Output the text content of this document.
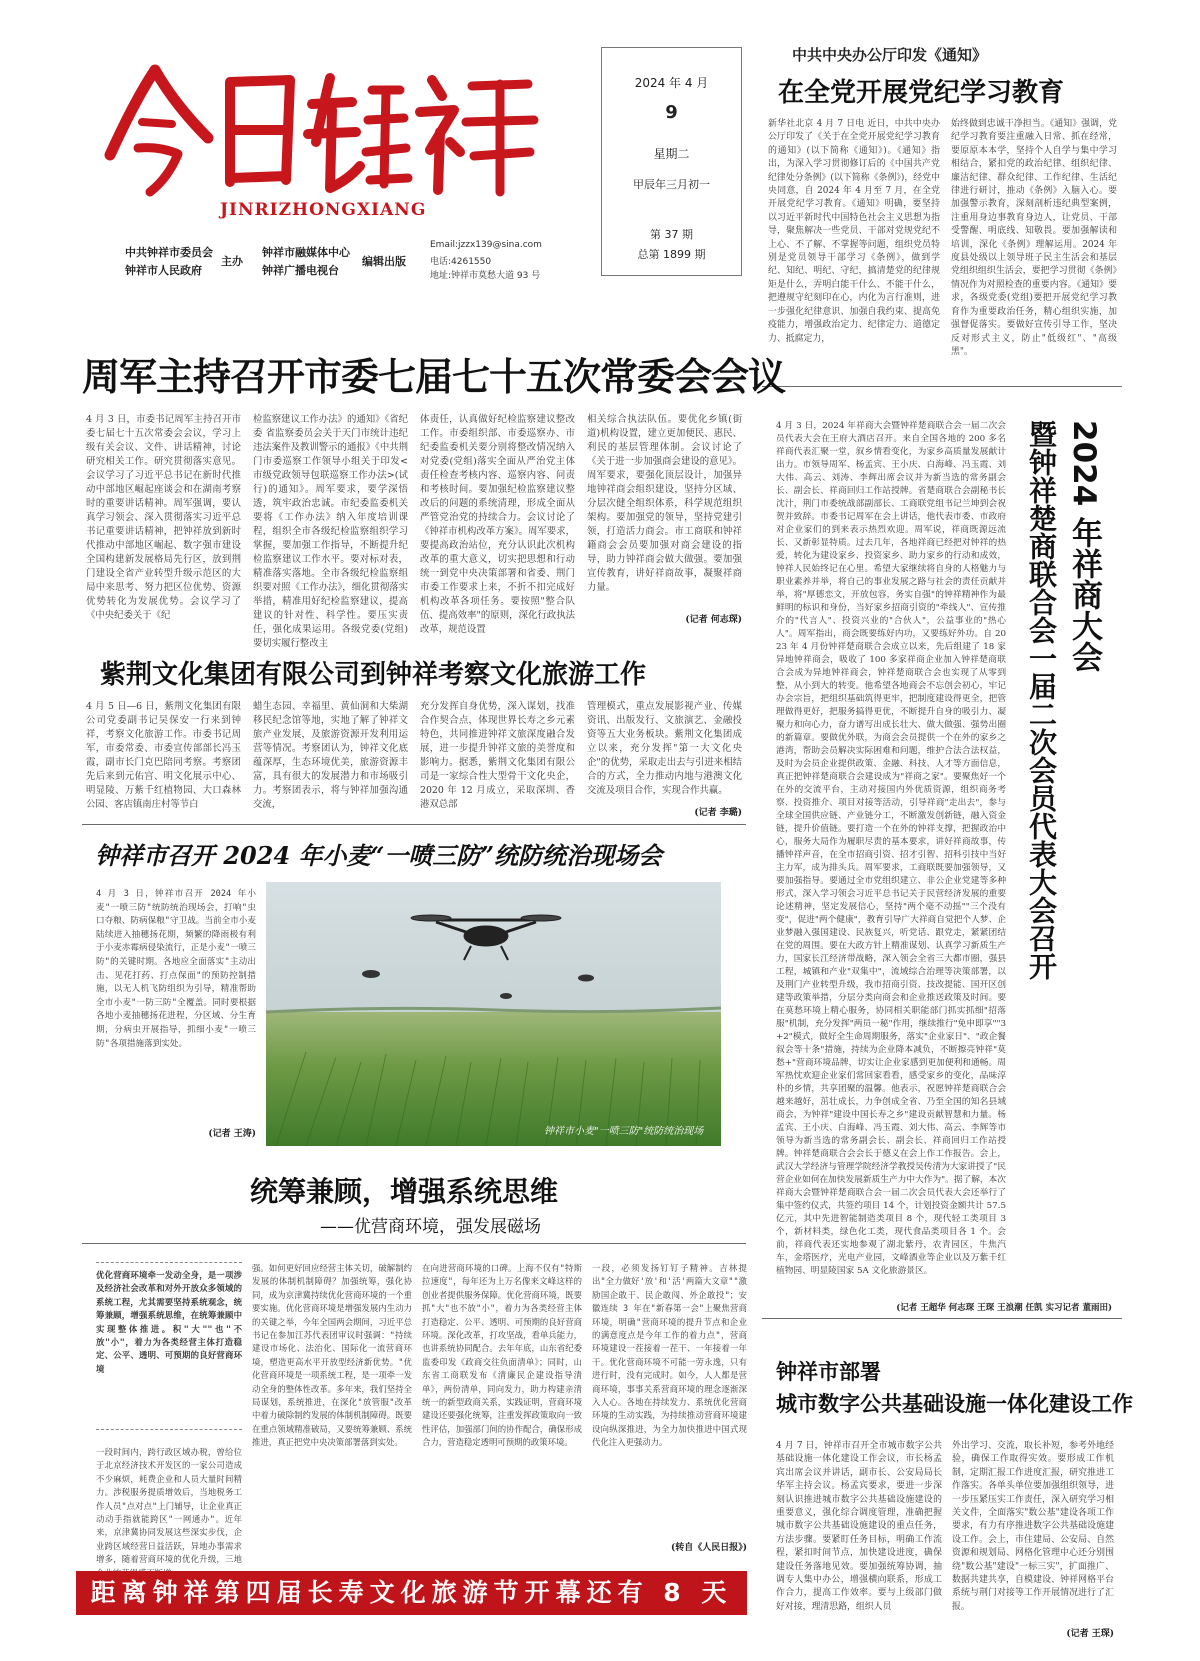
JINRIZHONGXIANG
中共钟祥市委员会
钟祥市人民政府
主办
钟祥市融媒体中心
钟祥广播电视台
编辑出版
Email:jzzx139@sina.com
电话:4261550
地址:钟祥市莫愁大道 93 号
2024 年 4 月
9
星期二
甲辰年三月初一
第 37 期
总第 1899 期
中共中央办公厅印发《通知》
在全党开展党纪学习教育
新华社北京 4 月 7 日电 近日，中共中央办公厅印发了《关于在全党开展党纪学习教育的通知》(以下简称《通知》)。《通知》指出，为深入学习贯彻修订后的《中国共产党纪律处分条例》(以下简称《条例》)，经党中央同意，自 2024 年 4 月至 7 月，在全党开展党纪学习教育。《通知》明确，要坚持以习近平新时代中国特色社会主义思想为指导，聚焦解决一些党员、干部对党规党纪不上心、不了解、不掌握等问题，组织党员特别是党员领导干部学习《条例》，做到学纪、知纪、明纪、守纪，搞清楚党的纪律规矩是什么，弄明白能干什么、不能干什么，把遵规守纪刻印在心，内化为言行准则，进一步强化纪律意识、加强自我约束、提高免疫能力，增强政治定力、纪律定力、道德定力、抵腐定力，
始终做到忠诚干净担当。《通知》强调，党纪学习教育要注重融入日常、抓在经常，要原原本本学，坚持个人自学与集中学习相结合，紧扣党的政治纪律、组织纪律、廉洁纪律、群众纪律、工作纪律、生活纪律进行研讨，推动《条例》入脑入心。要加强警示教育，深刻剖析违纪典型案例，注重用身边事教育身边人，让党员、干部受警醒、明底线、知敬畏。要加强解读和培训，深化《条例》理解运用。2024 年度县处级以上领导班子民主生活会和基层党组织组织生活会，要把学习贯彻《条例》情况作为对照检查的重要内容。《通知》要求，各级党委(党组)要把开展党纪学习教育作为重要政治任务，精心组织实施，加强督促落实。要做好宣传引导工作，坚决反对形式主义，防止"低级红"、"高级黑"。
周军主持召开市委七届七十五次常委会会议
4 月 3 日，市委书记周军主持召开市委七届七十五次常委会会议，学习上级有关会议、文件、讲话精神，讨论研究相关工作。研究贯彻落实意见。会议学习了习近平总书记在新时代推动中部地区崛起座谈会和在湖南考察时的重要讲话精神。周军强调，要认真学习领会、深入贯彻落实习近平总书记重要讲话精神，把钟祥放到新时代推动中部地区崛起、数字强市建设全国构建新发展格局先行区，放到荆门建设全省产业转型升级示范区的大局中来思考、努力把区位优势、资源优势转化为发展优势。会议学习了《中央纪委关于《纪
检监察建议工作办法》的通知》《省纪委 省监察委员会关于天门市统计违纪违法案件及教训警示的通报》《中共荆门市委巡察工作领导小组关于印发<市级党政领导包联巡察工作办法>(试行)的通知》。周军要求，要学深悟透，筑牢政治忠诚。市纪委监委机关要将《工作办法》纳入年度培训课程，组织全市各级纪检监察组织学习掌握，要加强工作指导，不断提升纪检监察建议工作水平。要对标对表，精准落实落地。全市各级纪检监察组织要对照《工作办法》，细化贯彻落实举措，精准用好纪检监察建议，提高建议的针对性、科学性。要压实责任，强化成果运用。各级党委(党组)要切实履行整改主
体责任，认真做好纪检监察建议整改工作。市委组织部、市委巡察办、市纪委监委机关要分别将整改情况纳入对党委(党组)落实全面从严治党主体责任检查考核内容、巡察内容、问责和考核时间。要加强纪检监察建议整改后的问题的系统清理，形成全面从严管党治党的持续合力。会议讨论了《钟祥市机构改革方案》。周军要求，要提高政治站位，充分认识此次机构改革的重大意义，切实把思想和行动统一到党中央决策部署和省委、荆门市委工作要求上来，不折不扣完成好机构改革各项任务。要按照"整合队伍、提高效率"的原则，深化行政执法改革，规范设置
相关综合执法队伍。要优化乡镇(街道)机构设置，建立更加便民、惠民、利民的基层管理体制。会议讨论了《关于进一步加强商会建设的意见》。周军要求，要强化顶层设计，加强异地钟祥商会组织建设，坚持分区域、分层次健全组织体系，科学规范组织架构。要加强党的领导，坚持党建引领，打造活力商会。市工商联和钟祥籍商会会员要加强对商会建设的指导，助力钟祥商会做大做强。要加强宣传教育，讲好祥商故事，凝聚祥商力量。
(记者 何志琛)
紫荆文化集团有限公司到钟祥考察文化旅游工作
4 月 5 日—6 日，紫荆文化集团有限公司党委副书记吴保安一行来到钟祥，考察文化旅游工作。市委书记周军，市委常委、市委宣传部部长冯玉霞，副市长门克巴陪同考察。考察团先后来到元佑宫、明文化展示中心、明显陵、万紫千红植物园、大口森林公园、客店镇南庄村等节白
蜡生态园、幸福里、黄仙洞和大柴湖移民纪念馆等地，实地了解了钟祥文旅产业发展，及旅游资源开发利用运营等情况。考察团认为，钟祥文化底蕴深厚，生态环境优美，旅游资源丰富，具有很大的发展潜力和市场吸引力。考察团表示，将与钟祥加强沟通交流，
充分发挥自身优势，深入谋划，找准合作契合点，体现世界长寿之乡元素特色，共同推进钟祥文旅深度融合发展，进一步提升钟祥文旅的美誉度和影响力。据悉，紫荆文化集团有限公司是一家综合性大型骨干文化央企，2020 年 12 月成立，采取深圳、香港双总部
管理模式，重点发展影视产业、传媒资讯、出版发行、文旅演艺、金融投资等五大业务板块。紫荆文化集团成立以来，充分发挥"第一大文化央企"的优势，采取走出去与引进来相结合的方式，全力推动内地与港澳文化交流及项目合作，实现合作共赢。
(记者 李璐)
钟祥市召开 2024 年小麦“一喷三防”统防统治现场会
4 月 3 日，钟祥市召开 2024 年小麦"一喷三防"统防统治现场会，打响"虫口夺粮、防病保粮"守卫战。当前全市小麦陆续进入抽穗扬花期，频繁的降雨极有利于小麦赤霉病侵染流行，正是小麦"一喷三防"的关键时期。各地应全面落实"主动出击、见花打药、打点保面"的预防控制措施，以无人机飞防组织为引导，精准帮助全市小麦"一防三防"全覆盖。同时要根据各地小麦抽穗扬花进程，分区域、分生育期，分病虫开展指导，抓细小麦"一喷三防"各项措施落到实处。
(记者 王涛)	钟祥市小麦"一喷三防"统防统治现场
统筹兼顾，增强系统思维
——优营商环境，强发展磁场
优化营商环境牵一发动全身，是一项涉及经济社会改革和对外开放众多领域的系统工程，尤其需要坚持系统观念，统筹兼顾，增强系统思维，在统筹兼顾中实现整体推进。积"大""也"不放"小"，着力为各类经营主体打造稳定、公平、透明、可预期的良好营商环境
一段时间内，跨行政区域办税，曾给位于北京经济技术开发区的一家公司造成不少麻烦，耗费企业和人员大量时间精力。涉税服务提质增效后，当地税务工作人员"点对点"上门辅导，让企业真正动动手指就能跨区"一网通办"。近年来，京津冀协同发展这些深实步伐，企业跨区域经营日益活跃，异地办事需求增多，随着营商环境的优化升级，三地
强。如何更好回应经营主体关切，破解制约发展的体制机制障碍？加强统筹，强化协同，成为京津冀持续优化营商环境的一个重要实施。优化营商环境是增强发展内生动力的关键之举，今年全国两会期间，习近平总书记在参加江苏代表团审议时强调："持续建设市场化、法治化、国际化一流营商环境，塑造更高水平开放型经济新优势。"优化营商环境是一项系统工程，是一项牵一发动全身的整体性改革。多年来，我们坚持全局谋划，系统推进，在深化"放管服"改革中着力破除制约发展的体制机制障碍。既要在重点领域精准破局，又要统筹兼顾、系统推进，真正把党中央决策部署落到实处。
在向进营商环境的口碑。上海不仅有"特斯拉速度"，每年还为上万名像来文峰这样的创业者提供服务保障。优化营商环境，既要抓"大"也不放"小"，着力为各类经营主体打造稳定、公平、透明、可预期的良好营商环境。深化改革，打攻坚战，看单兵能力，也讲系统协同配合。去年年底，山东省纪委监委印发《政商交往负面清单》；同时，山东省工商联发布《清廉民企建设指导清单》，两份清单，同向发力，助力构建亲清统一的新型政商关系，实践证明，营商环境建设还要强化统筹，注重发挥政策取向一致性评估，加强部门间的协作配合，确保形成合力，营造稳定透明可预期的政策环境。
一段，必须发扬钉钉子精神。吉林提出"全力做好'放'和'活'两篇大文章""激励国企敢干、民企敢闯、外企敢投"；安徽连续 3 年在"新春第一会"上聚焦营商环境，明确"营商环境的提升节点和企业的满意度点是今年工作的着力点"，营商环境建设一茬接着一茬干、一年接着一年干。优化营商环境不可能一劳永逸，只有进行时，没有完成时。如今，人人都是营商环境，事事关系营商环境的理念逐渐深入人心。各地在持续发力、系统优化营商环境的生动实践，为持续推动营商环境建设向纵深推进，为全力加快推进中国式现代化注入更强动力。
(转自《人民日报》)
距离钟祥第四届长寿文化旅游节开幕还有 8 天
2024 年祥商大会
暨钟祥楚商联合会一届二次会员代表大会召开
4 月 3 日，2024 年祥商大会暨钟祥楚商联合会一届二次会员代表大会在王府大酒店召开。来自全国各地的 200 多名祥商代表汇聚一堂，叙乡情看变化，为家乡高质量发展献计出力。市领导周军、杨孟宾、王小庆、白海峰、冯玉霞、刘大伟、高云、刘涛、李辉出席会议并为新当选的常务副会长、副会长、祥商回归工作站授牌。省楚商联合会副秘书长沈汁，荆门市委统战部副部长、工商联党组书记兰坤到会祝贺并致辞。市委书记周军在会上讲话，他代表市委、市政府对企业家们的到来表示热烈欢迎。周军说，祥商既源远流长、又新彰显特质。过去几年，各地祥商已经把对钟祥的热爱，转化为建设家乡、投资家乡、助力家乡的行动和成效，钟祥人民始终记在心里。希望大家继续将自身的人格魅力与职业素养并举，将自己的事业发展之路与社会的责任贡献并举，将"厚德恋文，开放包容，务实自强"的钟祥精神作为最鲜明的标识和身份，当好家乡招商引资的"牵线人"、宣传推介的"代言人"、投资兴业的"合伙人"，公益事业的"热心人"。周军指出，商会既要练好内功，又要练好外功。自 2023 年 4 月份钟祥楚商联合会成立以来，先后组建了 18 家异地钟祥商会，吸收了 100 多家祥商企业加入钟祥楚商联合会成为异地钟祥商会，钟祥楚商联合会也实现了从零到整，从小到大的转变。他希望各地商会不忘创会初心，牢记办会宗旨，把组织基础筑得更牢，把制度建设得更全，把管理做得更好，把服务搞得更优，不断提升自身的吸引力、凝聚力和向心力，奋力谱写出成长壮大、做大做强、强势出圈的新篇章。要做优外联，为商会会员提供一个在外的家乡之港湾，帮助会员解决实际困难和问题，维护合法合法权益，及时为会员企业提供政策、金融、科技、人才等方面信息，真正把钟祥楚商联合会建设成为"祥商之家"。要聚焦好一个在外的交流平台，主动对接国内外优质资源，组织商务考察、投资推介、项目对接等活动，引导祥商"走出去"，参与全球全国供应链、产业链分工，不断激发创新链，融入资金链，提升价值链。要打造一个在外的钟祥支撑，把握政治中心，服务大局作为履职尽责的基本要求，讲好祥商故事，传播钟祥声音，在全市招商引资、招才引智、招科引技中当好主力军，成为排头兵。周军要求，工商联既要加强领导，又要加强指导。要通过全市党组织建立、非公企业党建等多种形式，深入学习领会习近平总书记关于民营经济发展的重要论述精神，坚定发展信心，坚持"两个毫不动摇""三个没有变"，促进"两个健康"，教育引导广大祥商自觉把个人梦、企业梦融入强国建设、民族复兴，听党话、跟党走，紧紧团结在党的周围。要在大政方针上精准谋划、认真学习新质生产力，国家长江经济带战略，深入领会全省三大都市圈，强县工程，城镇和产业"双集中"，流域综合治理等决策部署，以及荆门产业转型升级，我市招商引资、技改提能、国开区创建等政策举措，分层分类向商会和企业推送政策及时间。要在莫愁环境上精心服务，协同相关职能部门抓实抓细"招落服"机制，充分发挥"两员一秘"作用，继续推行"免申即享""3+2"模式，做好全生命周期服务，落实"企业家日"、"政企餐叙会等十条"措施，持续为企业降本减负，不断擦亮钟祥"莫愁+"营商环境品牌，切实让企业家感到更加便利和通畅。周军热忱欢迎企业家们常回家看看，感受家乡的变化，品味淳朴的乡情，共享团聚的温馨。他表示，祝愿钟祥楚商联合会越来越好，茁壮成长，力争创成全省、乃至全国的知名县域商会，为钟祥"建设中国长寿之乡"建设贡献智慧和力量。杨孟宾、王小庆、白海峰、冯玉霞、刘大伟、高云、李辉等市领导为新当选的常务副会长、副会长、祥商回归工作站授牌。钟祥楚商联合会会长于德义在会上作工作报告。会上，武汉大学经济与管理学院经济学教授吴传清为大家讲授了"民营企业如何在加快发展新质生产力中大作为"。据了解，本次祥商大会暨钟祥楚商联合会一届二次会员代表大会还举行了集中签约仪式，共签约项目 14 个，计划投资金额共计 57.5 亿元，其中先进智能制造类项目 8 个，现代轻工类项目 3 个，新材料类，绿色化工类，现代食品类项目各 1 个。会前，祥商代表还实地参观了湖北紫丹，农青园区，牛焦汽车，金塔医疗，光电产业园，文峰酒业等企业以及万紫千红植物园、明显陵国家 5A 文化旅游景区。
(记者 王超华 何志琛 王琛 王浪潮 任凯 实习记者 董雨田)
钟祥市部署
城市数字公共基础设施一体化建设工作
4 月 7 日，钟祥市召开全市城市数字公共基础设施一体化建设工作会议，市长杨孟宾出席会议并讲话，副市长、公安局局长华军主持会议。杨孟宾要求，要进一步深刻认识推进城市数字公共基础设施建设的重要意义，强化综合调度管理，准确把握城市数字公共基础设施建设的重点任务，方法步骤。要紧盯任务目标，明确工作流程，紧扣时间节点，加快建设进度，确保建设任务落地见效。要加强统筹协调，抽调专人集中办公，增强横向联系，形成工作合力，提高工作效率。要与上级部门做好对接，理清思路，组织人员
外出学习、交流，取长补短，参考外地经验，确保工作取得实效。要形成工作机制，定期汇报工作进度汇报，研究推进工作落实。各单头单位要加强组织领导，进一步压紧压实工作责任，深入研究学习相关文件，全面落实"数公基"建设各项工作要求，有力有序推进数字公共基础设施建设工作。会上，市住建局、公安局、自然资源和规划局、网格化管理中心还分别围绕"数公基"建设"一标三实"，扩面推广、数据共建共享，自模建设、钟祥网格平台系统与荆门对接等工作开展情况进行了汇报。
(记者 王琛)
